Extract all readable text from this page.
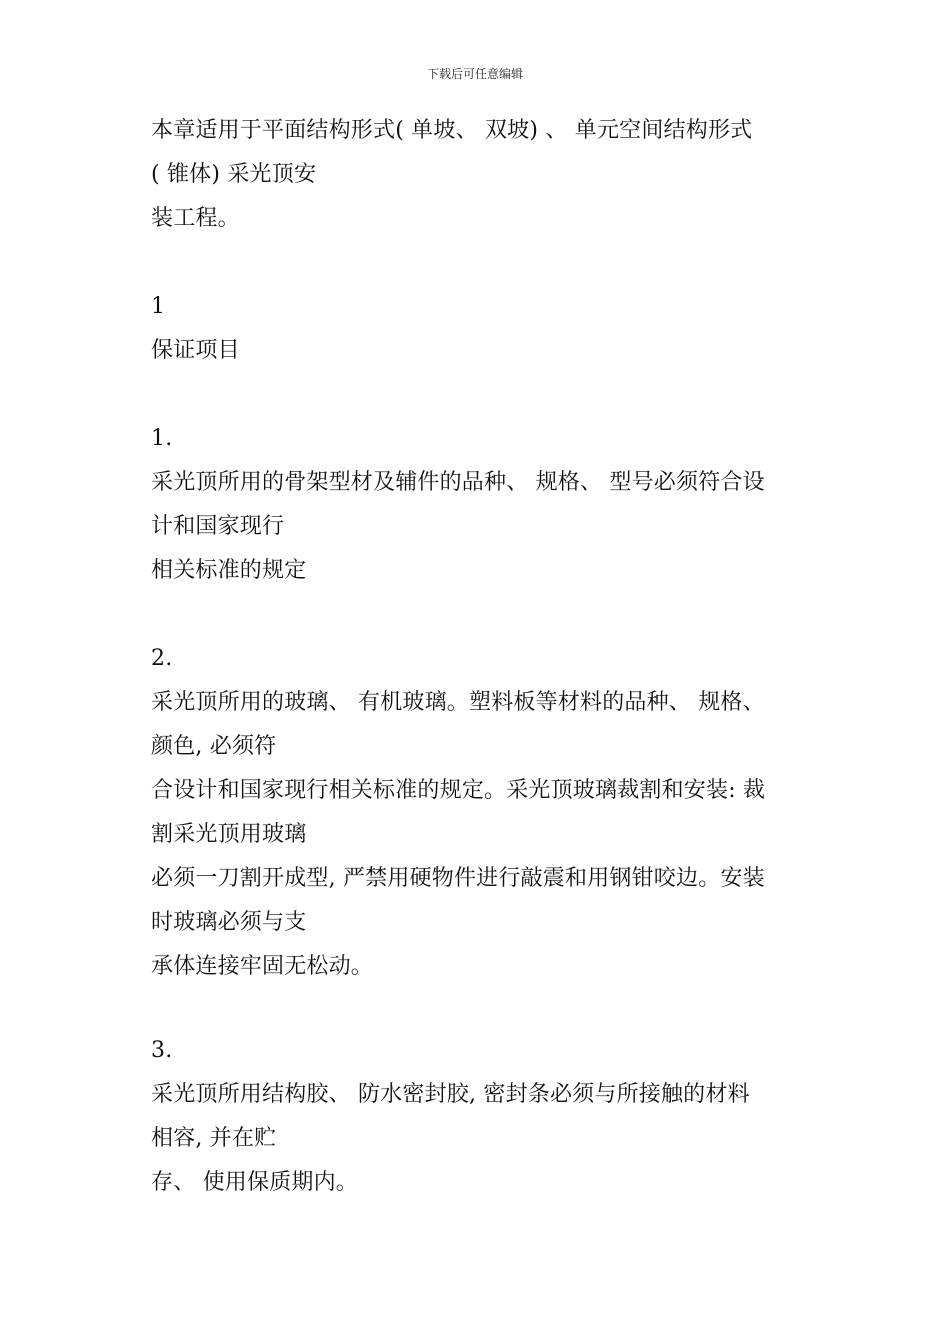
下载后可任意编辑
本章适用于平面结构形式( 单坡、 双坡) 、 单元空间结构形式
( 锥体) 采光顶安
装工程。
1
保证项目
1.
采光顶所用的骨架型材及辅件的品种、 规格、 型号必须符合设
计和国家现行
相关标准的规定
2.
采光顶所用的玻璃、 有机玻璃。塑料板等材料的品种、 规格、
颜色, 必须符
合设计和国家现行相关标准的规定。采光顶玻璃裁割和安装: 裁
割采光顶用玻璃
必须一刀割开成型, 严禁用硬物件进行敲震和用钢钳咬边。安装
时玻璃必须与支
承体连接牢固无松动。
3.
采光顶所用结构胶、 防水密封胶, 密封条必须与所接触的材料
相容, 并在贮
存、 使用保质期内。
